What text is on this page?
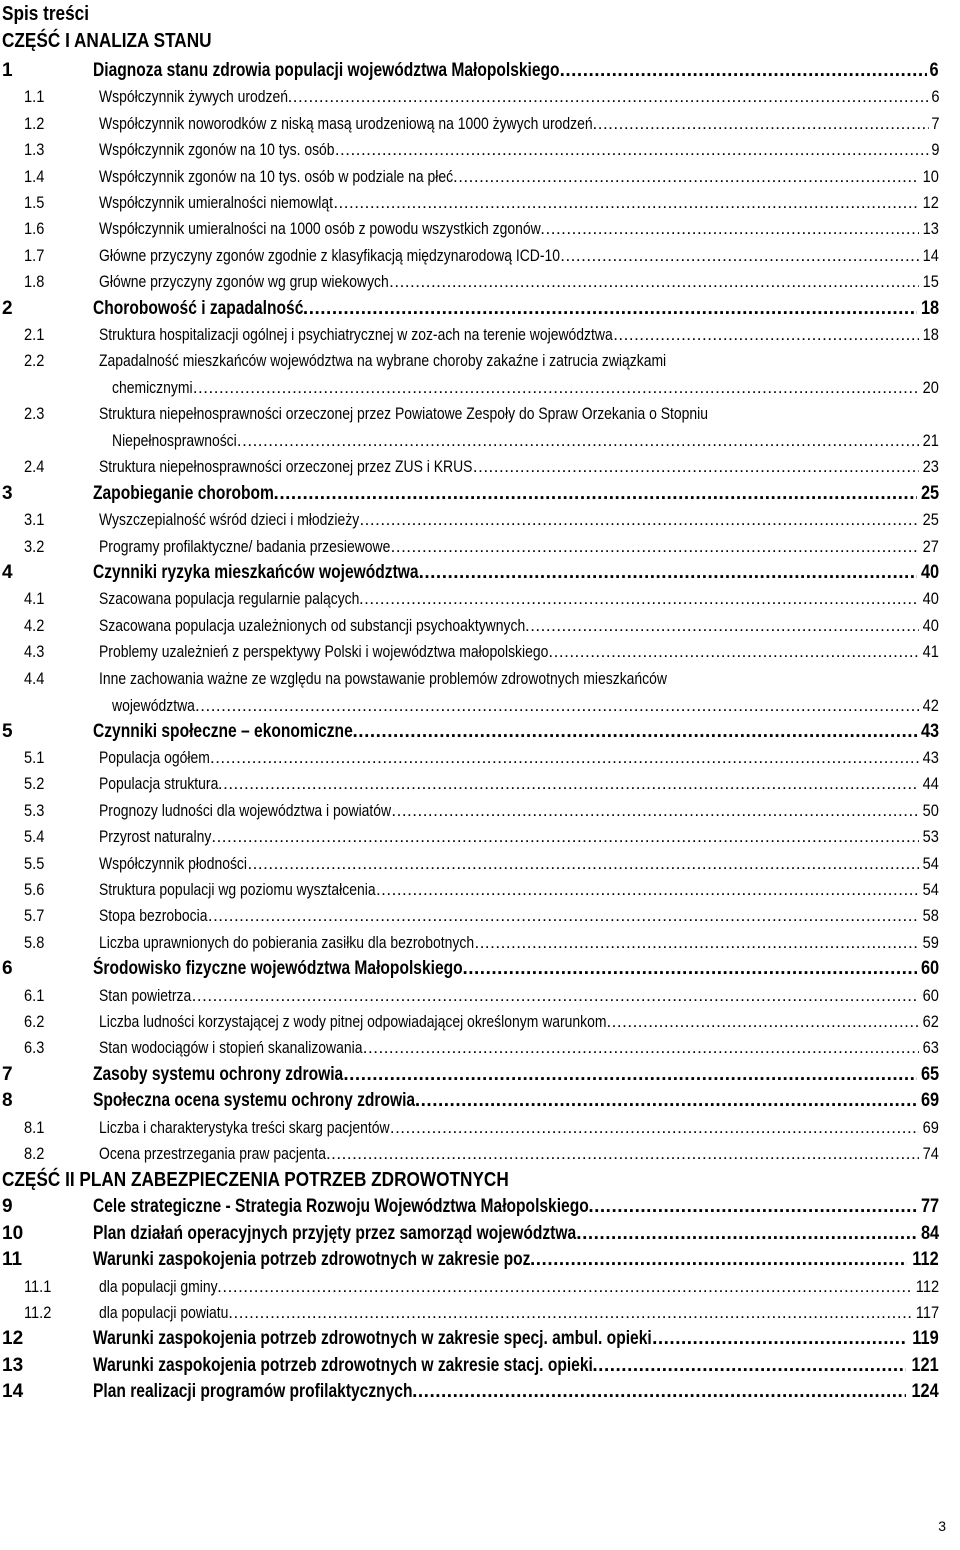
Spis treści
CZĘŚĆ I ANALIZA STANU
1	Diagnoza stanu zdrowia populacji województwa Małopolskiego .....	6
1.1	Współczynnik żywych urodzeń .....	6
1.2	Współczynnik noworodków z niską masą urodzeniową na 1000 żywych urodzeń .....	7
1.3	Współczynnik zgonów na 10 tys. osób .....	9
1.4	Współczynnik zgonów na 10 tys. osób w podziale na płeć .....	10
1.5	Współczynnik umieralności niemowląt .....	12
1.6	Współczynnik umieralności na 1000 osób z powodu wszystkich zgonów .....	13
1.7	Główne przyczyny zgonów zgodnie z klasyfikacją międzynarodową ICD-10 .....	14
1.8	Główne przyczyny zgonów wg grup wiekowych .....	15
2	Chorobowość i zapadalność .....	18
2.1	Struktura hospitalizacji ogólnej i psychiatrycznej w zoz-ach na terenie województwa .....	18
2.2	Zapadalność mieszkańców województwa na wybrane choroby zakaźne i zatrucia związkami
chemicznymi .....	20
2.3	Struktura niepełnosprawności orzeczonej przez Powiatowe Zespoły do Spraw Orzekania o Stopniu
Niepełnosprawności .....	21
2.4	Struktura niepełnosprawności orzeczonej przez ZUS i KRUS .....	23
3	Zapobieganie chorobom .....	25
3.1	Wyszczepialność wśród dzieci i młodzieży .....	25
3.2	Programy profilaktyczne/ badania przesiewowe .....	27
4	Czynniki ryzyka mieszkańców województwa .....	40
4.1	Szacowana populacja regularnie palących .....	40
4.2	Szacowana populacja uzależnionych od substancji psychoaktywnych .....	40
4.3	Problemy uzależnień z perspektywy Polski i województwa małopolskiego .....	41
4.4	Inne zachowania ważne ze względu na powstawanie problemów zdrowotnych mieszkańców
województwa .....	42
5	Czynniki społeczne – ekonomiczne .....	43
5.1	Populacja ogółem .....	43
5.2	Populacja struktura .....	44
5.3	Prognozy ludności dla województwa i powiatów .....	50
5.4	Przyrost naturalny .....	53
5.5	Współczynnik płodności .....	54
5.6	Struktura populacji wg poziomu wyształcenia .....	54
5.7	Stopa bezrobocia .....	58
5.8	Liczba uprawnionych do pobierania zasiłku dla bezrobotnych .....	59
6	Środowisko fizyczne województwa Małopolskiego .....	60
6.1	Stan powietrza .....	60
6.2	Liczba ludności korzystającej z wody pitnej odpowiadającej określonym warunkom .....	62
6.3	Stan wodociągów i stopień skanalizowania .....	63
7	Zasoby systemu ochrony zdrowia .....	65
8	Społeczna ocena systemu ochrony zdrowia .....	69
8.1	Liczba i charakterystyka treści skarg pacjentów .....	69
8.2	Ocena przestrzegania praw pacjenta .....	74
9	Cele strategiczne - Strategia Rozwoju Województwa Małopolskiego .....	77
10	Plan działań operacyjnych przyjęty przez samorząd województwa .....	84
11	Warunki zaspokojenia potrzeb zdrowotnych w zakresie poz .....	112
11.1	dla populacji gminy .....	112
11.2	dla populacji powiatu .....	117
12	Warunki zaspokojenia potrzeb zdrowotnych w zakresie specj. ambul. opieki .....	119
13	Warunki zaspokojenia potrzeb zdrowotnych w zakresie stacj. opieki .....	121
14	Plan realizacji programów profilaktycznych .....	124
CZĘŚĆ II PLAN ZABEZPIECZENIA POTRZEB ZDROWOTNYCH
3
